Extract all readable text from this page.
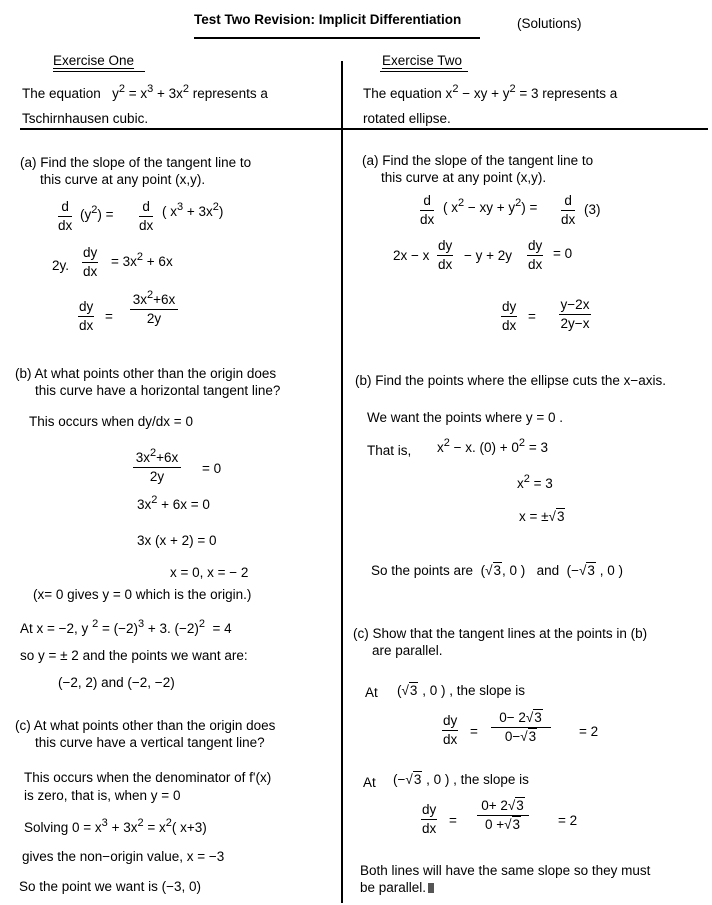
Test Two Revision: Implicit Differentiation	(Solutions)
Exercise One
The equation $y^2 = x^3 + 3x^2$ represents a
Tschirnhausen cubic.
(a) Find the slope of the tangent line to
this curve at any point (x,y).
$\frac{d}{dx} (y^2) = \frac{d}{dx}$ ( $x^3 + 3x^2$)
2y. $\frac{dy}{dx} = 3x^2 + 6x$
$\frac{dy}{dx} = \frac{3x^2+6x}{2y}$
(b) At what points other than the origin does
this curve have a horizontal tangent line?
This occurs when dy/dx = 0
$\frac{3x^2+6x}{2y} = 0$
$3x^2 + 6x = 0$
3x (x + 2) = 0
x = 0, x = − 2
(x= 0 gives y = 0 which is the origin.)
At x = −2, y $^2 = (-2)^3 + 3$. $(-2)^2 = 4$
so y = ± 2 and the points we want are:
(−2, 2) and (−2, −2)
(c) At what points other than the origin does
this curve have a vertical tangent line?
This occurs when the denominator of f'(x)
is zero, that is, when y = 0
Solving $0 = x^3 + 3x^2 = x^2$( x+3)
gives the non−origin value, x = −3
So the point we want is (−3, 0)
Exercise Two
The equation $x^2$ − xy + $y^2 = 3$ represents a
rotated ellipse.
(a) Find the slope of the tangent line to
this curve at any point (x,y).
$\frac{d}{dx}$ ( $x^2$ − xy + $y^2) = \frac{d}{dx} (3)$
2x − x $\frac{dy}{dx} - y + 2y \frac{dy}{dx} = 0$
$\frac{dy}{dx} = \frac{y-2x}{2y-x}$
(b) Find the points where the ellipse cuts the x−axis.
We want the points where y = 0 .
That is, $x^2 - x$. $(0) + 0^2 = 3$
$x^2 = 3$
x = ±√3
So the points are (√3, 0 ) and (−√3 , 0 )
(c) Show that the tangent lines at the points in (b)
are parallel.
At (√3 , 0 ) , the slope is
$\frac{dy}{dx} = \frac{0- 2√3}{0-√3} = 2$
At (−√3 , 0 ) , the slope is
$\frac{dy}{dx} = \frac{0+ 2√3}{0 +√3} = 2$
Both lines will have the same slope so they must
be parallel.
